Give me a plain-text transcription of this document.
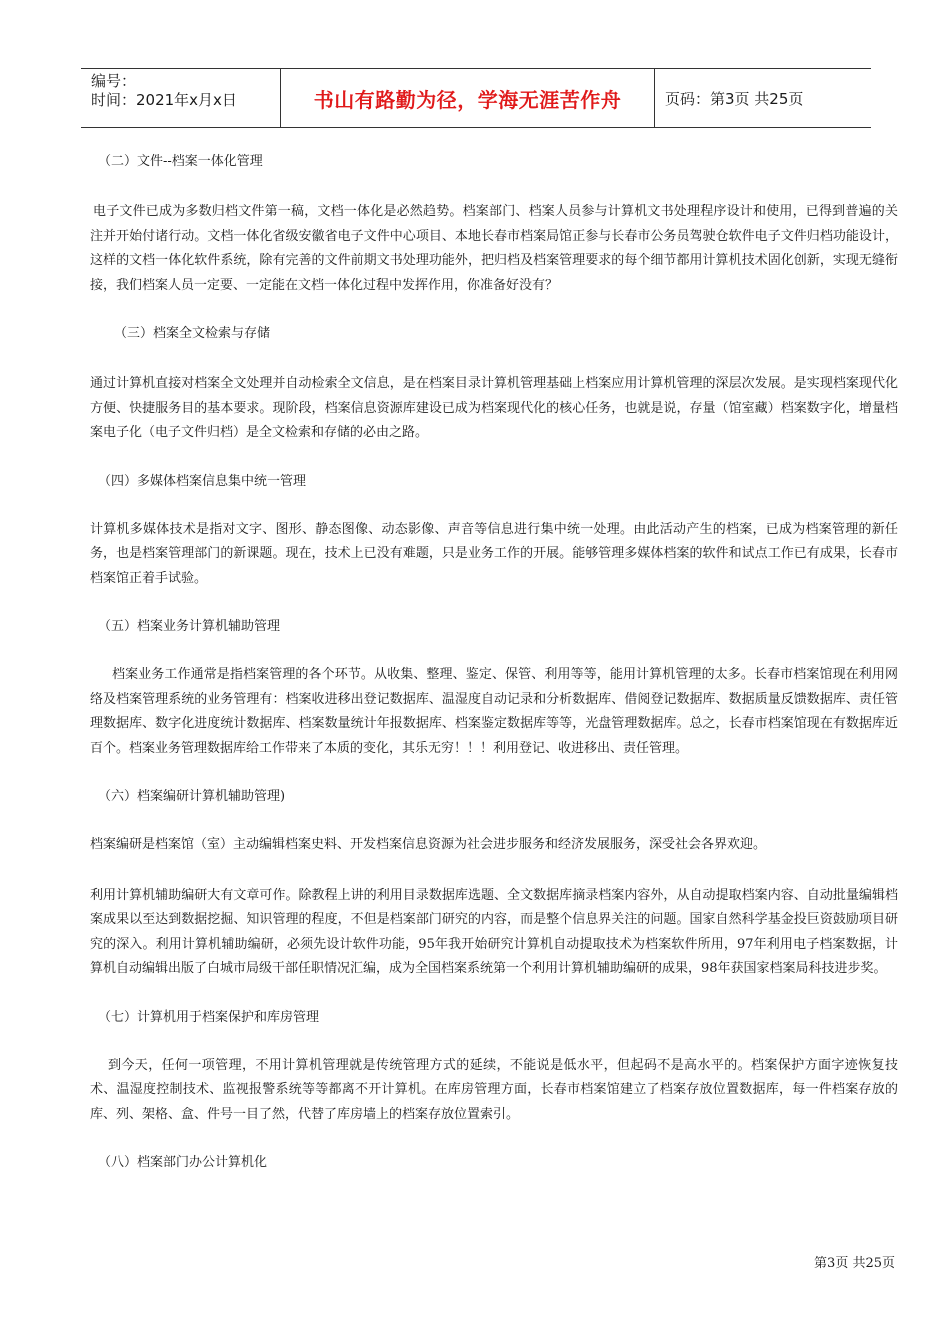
编号：
时间：2021年x月x日	书山有路勤为径，学海无涯苦作舟	页码：第3页 共25页

（二）文件--档案一体化管理

电子文件已成为多数归档文件第一稿，文档一体化是必然趋势。档案部门、档案人员参与计算机文书处理程序设计和使用，已得到普遍的关注并开始付诸行动。文档一体化省级安徽省电子文件中心项目、本地长春市档案局馆正参与长春市公务员驾驶仓软件电子文件归档功能设计，这样的文档一体化软件系统，除有完善的文件前期文书处理功能外，把归档及档案管理要求的每个细节都用计算机技术固化创新，实现无缝衔接，我们档案人员一定要、一定能在文档一体化过程中发挥作用，你准备好没有？

（三）档案全文检索与存储

通过计算机直接对档案全文处理并自动检索全文信息，是在档案目录计算机管理基础上档案应用计算机管理的深层次发展。是实现档案现代化方便、快捷服务目的基本要求。现阶段，档案信息资源库建设已成为档案现代化的核心任务，也就是说，存量（馆室藏）档案数字化，增量档案电子化（电子文件归档）是全文检索和存储的必由之路。

（四）多媒体档案信息集中统一管理

计算机多媒体技术是指对文字、图形、静态图像、动态影像、声音等信息进行集中统一处理。由此活动产生的档案，已成为档案管理的新任务，也是档案管理部门的新课题。现在，技术上已没有难题，只是业务工作的开展。能够管理多媒体档案的软件和试点工作已有成果，长春市档案馆正着手试验。

（五）档案业务计算机辅助管理

档案业务工作通常是指档案管理的各个环节。从收集、整理、鉴定、保管、利用等等，能用计算机管理的太多。长春市档案馆现在利用网络及档案管理系统的业务管理有：档案收进移出登记数据库、温湿度自动记录和分析数据库、借阅登记数据库、数据质量反馈数据库、责任管理数据库、数字化进度统计数据库、档案数量统计年报数据库、档案鉴定数据库等等，光盘管理数据库。总之，长春市档案馆现在有数据库近百个。档案业务管理数据库给工作带来了本质的变化，其乐无穷！！！利用登记、收进移出、责任管理。

（六）档案编研计算机辅助管理)

档案编研是档案馆（室）主动编辑档案史料、开发档案信息资源为社会进步服务和经济发展服务，深受社会各界欢迎。

利用计算机辅助编研大有文章可作。除教程上讲的利用目录数据库选题、全文数据库摘录档案内容外，从自动提取档案内容、自动批量编辑档案成果以至达到数据挖掘、知识管理的程度，不但是档案部门研究的内容，而是整个信息界关注的问题。国家自然科学基金投巨资鼓励项目研究的深入。利用计算机辅助编研，必须先设计软件功能，95年我开始研究计算机自动提取技术为档案软件所用，97年利用电子档案数据，计算机自动编辑出版了白城市局级干部任职情况汇编，成为全国档案系统第一个利用计算机辅助编研的成果，98年获国家档案局科技进步奖。

（七）计算机用于档案保护和库房管理

到今天，任何一项管理，不用计算机管理就是传统管理方式的延续，不能说是低水平，但起码不是高水平的。档案保护方面字迹恢复技术、温湿度控制技术、监视报警系统等等都离不开计算机。在库房管理方面，长春市档案馆建立了档案存放位置数据库，每一件档案存放的库、列、架格、盒、件号一目了然，代替了库房墙上的档案存放位置索引。

（八）档案部门办公计算机化

第3页 共25页
